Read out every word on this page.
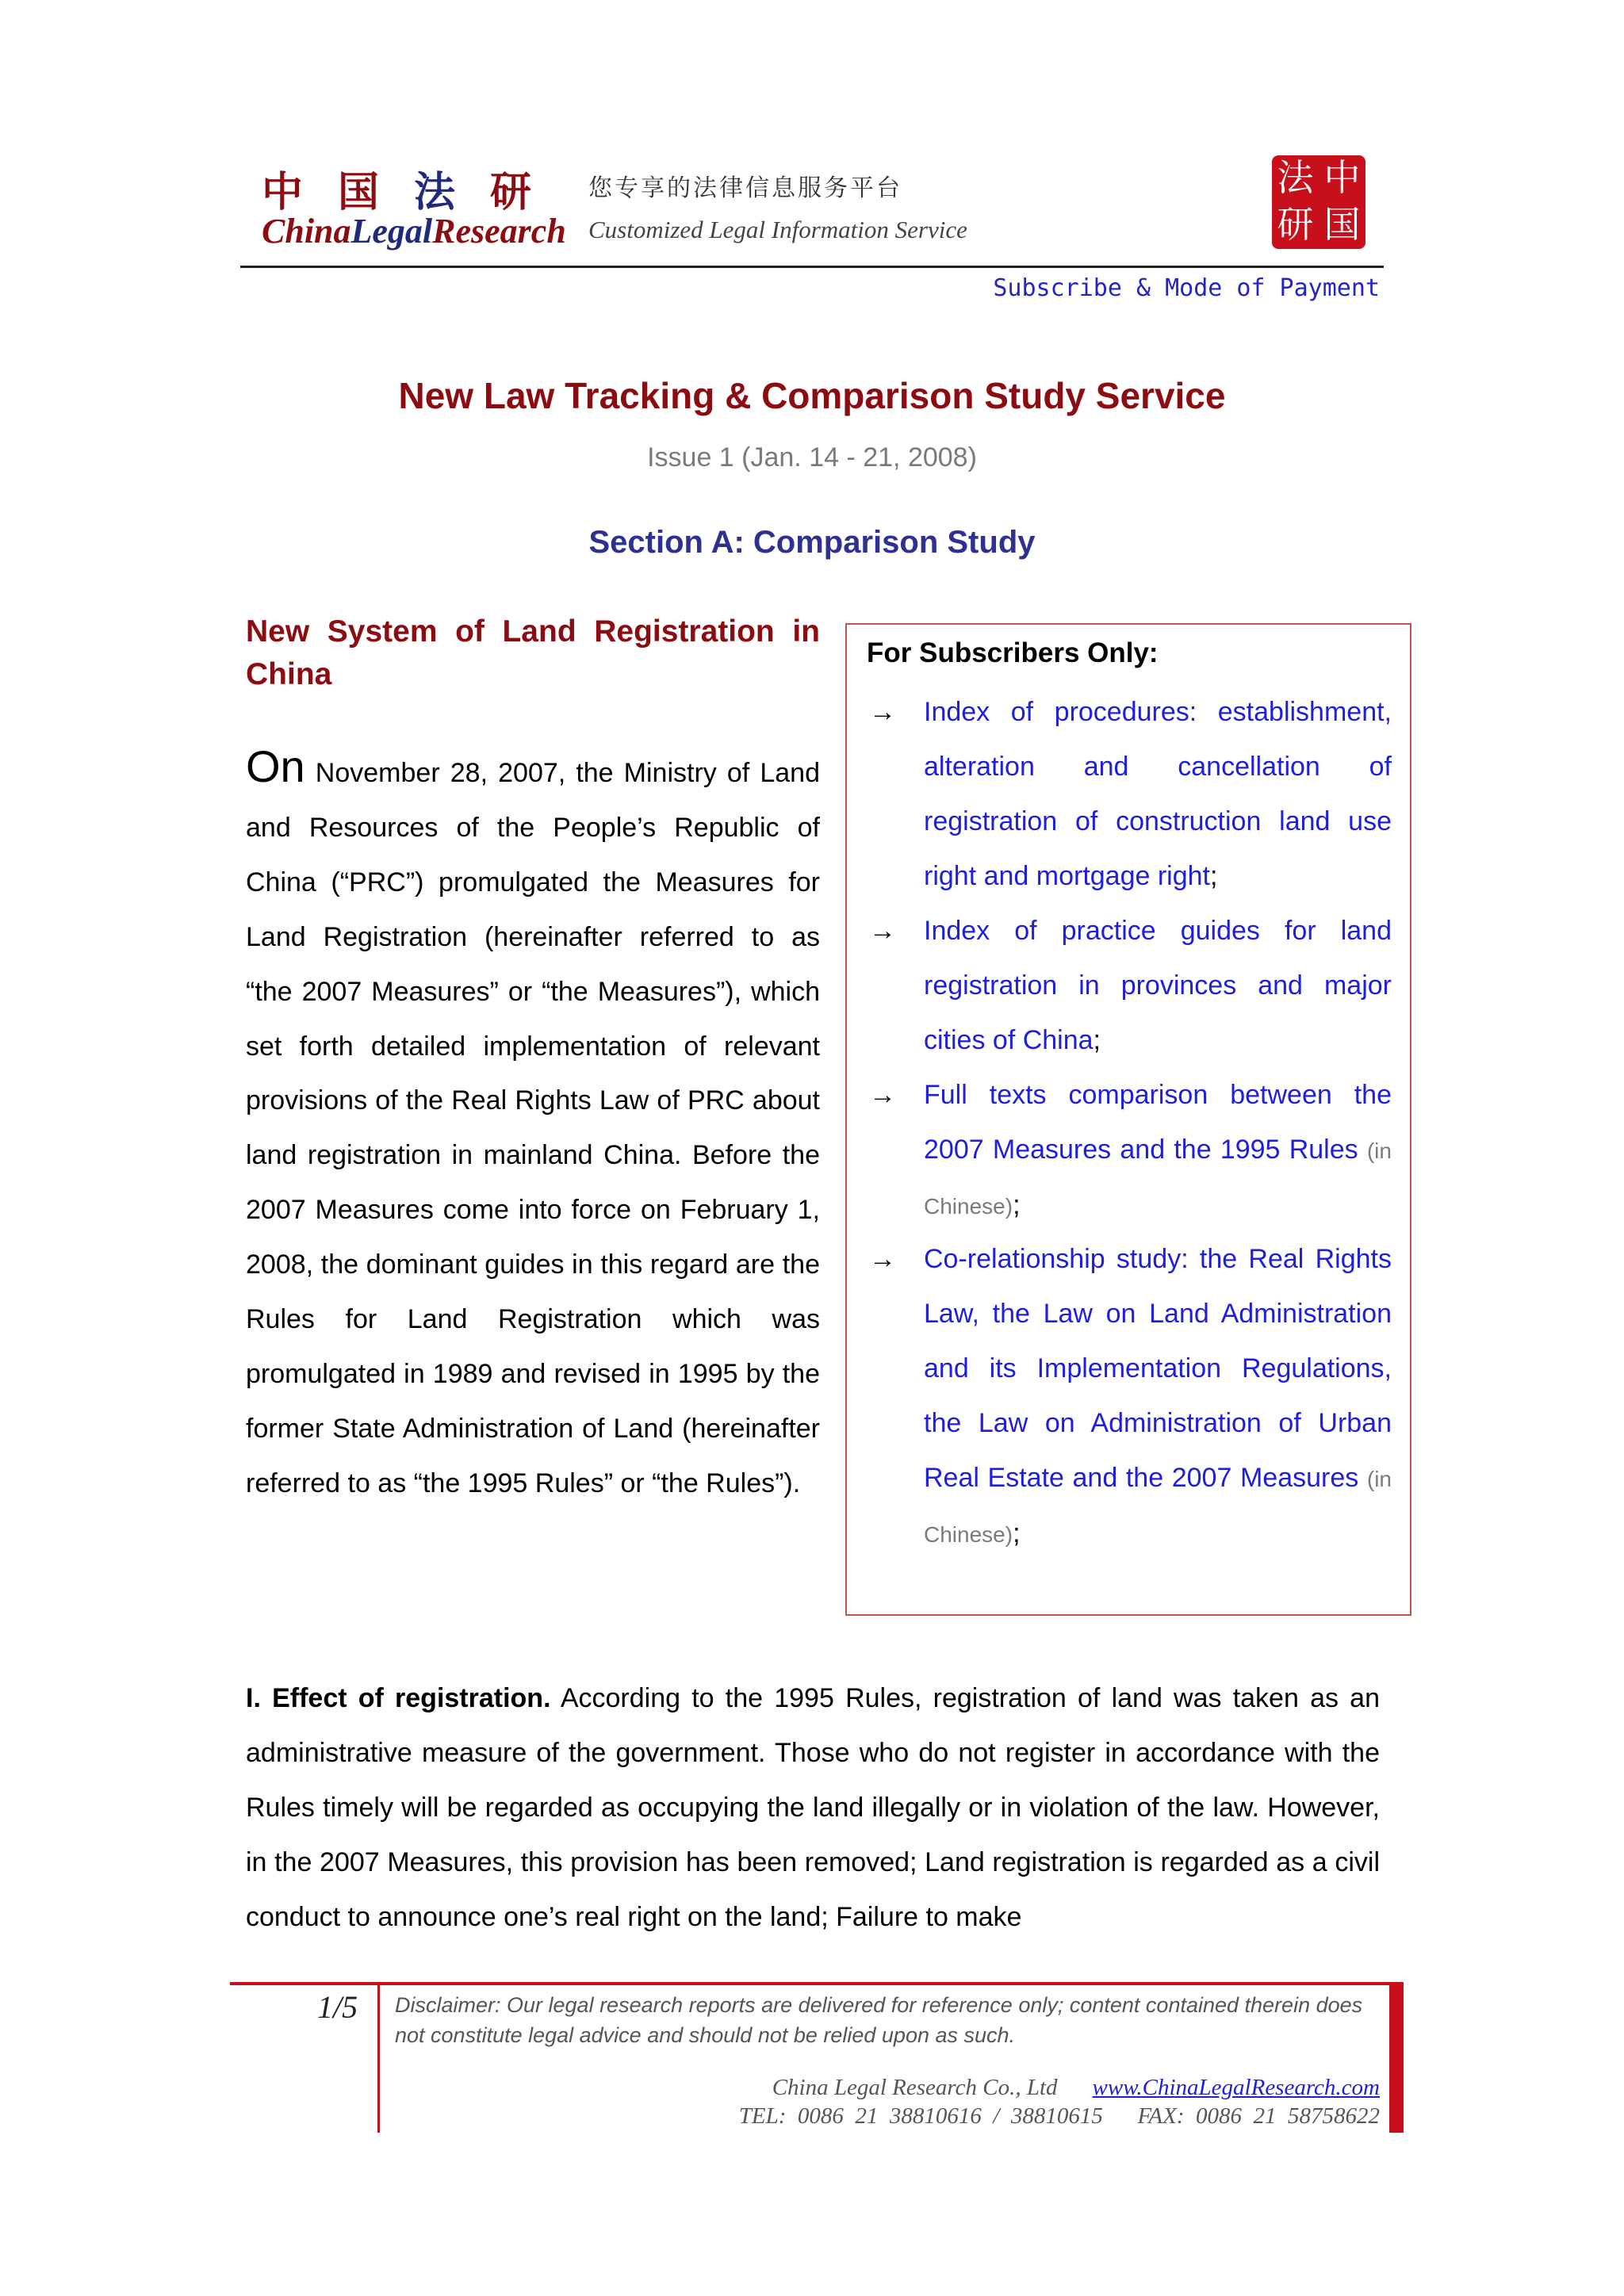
中国法研 您专享的法律信息服务平台
ChinaLegalResearch Customized Legal Information Service
法 中
研 国
Subscribe & Mode of Payment
New Law Tracking & Comparison Study Service
Issue 1 (Jan. 14 - 21, 2008)
Section A: Comparison Study
New System of Land Registration in China
On November 28, 2007, the Ministry of Land and Resources of the People’s Republic of China (“PRC”) promulgated the Measures for Land Registration (hereinafter referred to as “the 2007 Measures” or “the Measures”), which set forth detailed implementation of relevant provisions of the Real Rights Law of PRC about land registration in mainland China. Before the 2007 Measures come into force on February 1, 2008, the dominant guides in this regard are the Rules for Land Registration which was promulgated in 1989 and revised in 1995 by the former State Administration of Land (hereinafter referred to as “the 1995 Rules” or “the Rules”).
For Subscribers Only:
→ Index of procedures: establishment, alteration and cancellation of registration of construction land use right and mortgage right;
→ Index of practice guides for land registration in provinces and major cities of China;
→ Full texts comparison between the 2007 Measures and the 1995 Rules (in Chinese);
→ Co-relationship study: the Real Rights Law, the Law on Land Administration and its Implementation Regulations, the Law on Administration of Urban Real Estate and the 2007 Measures (in Chinese);
I. Effect of registration. According to the 1995 Rules, registration of land was taken as an administrative measure of the government. Those who do not register in accordance with the Rules timely will be regarded as occupying the land illegally or in violation of the law. However, in the 2007 Measures, this provision has been removed; Land registration is regarded as a civil conduct to announce one’s real right on the land; Failure to make
1/5 Disclaimer: Our legal research reports are delivered for reference only; content contained therein does not constitute legal advice and should not be relied upon as such.
China Legal Research Co., Ltd www.ChinaLegalResearch.com
TEL:  0086  21  38810616  /  38810615 FAX:  0086  21  58758622
